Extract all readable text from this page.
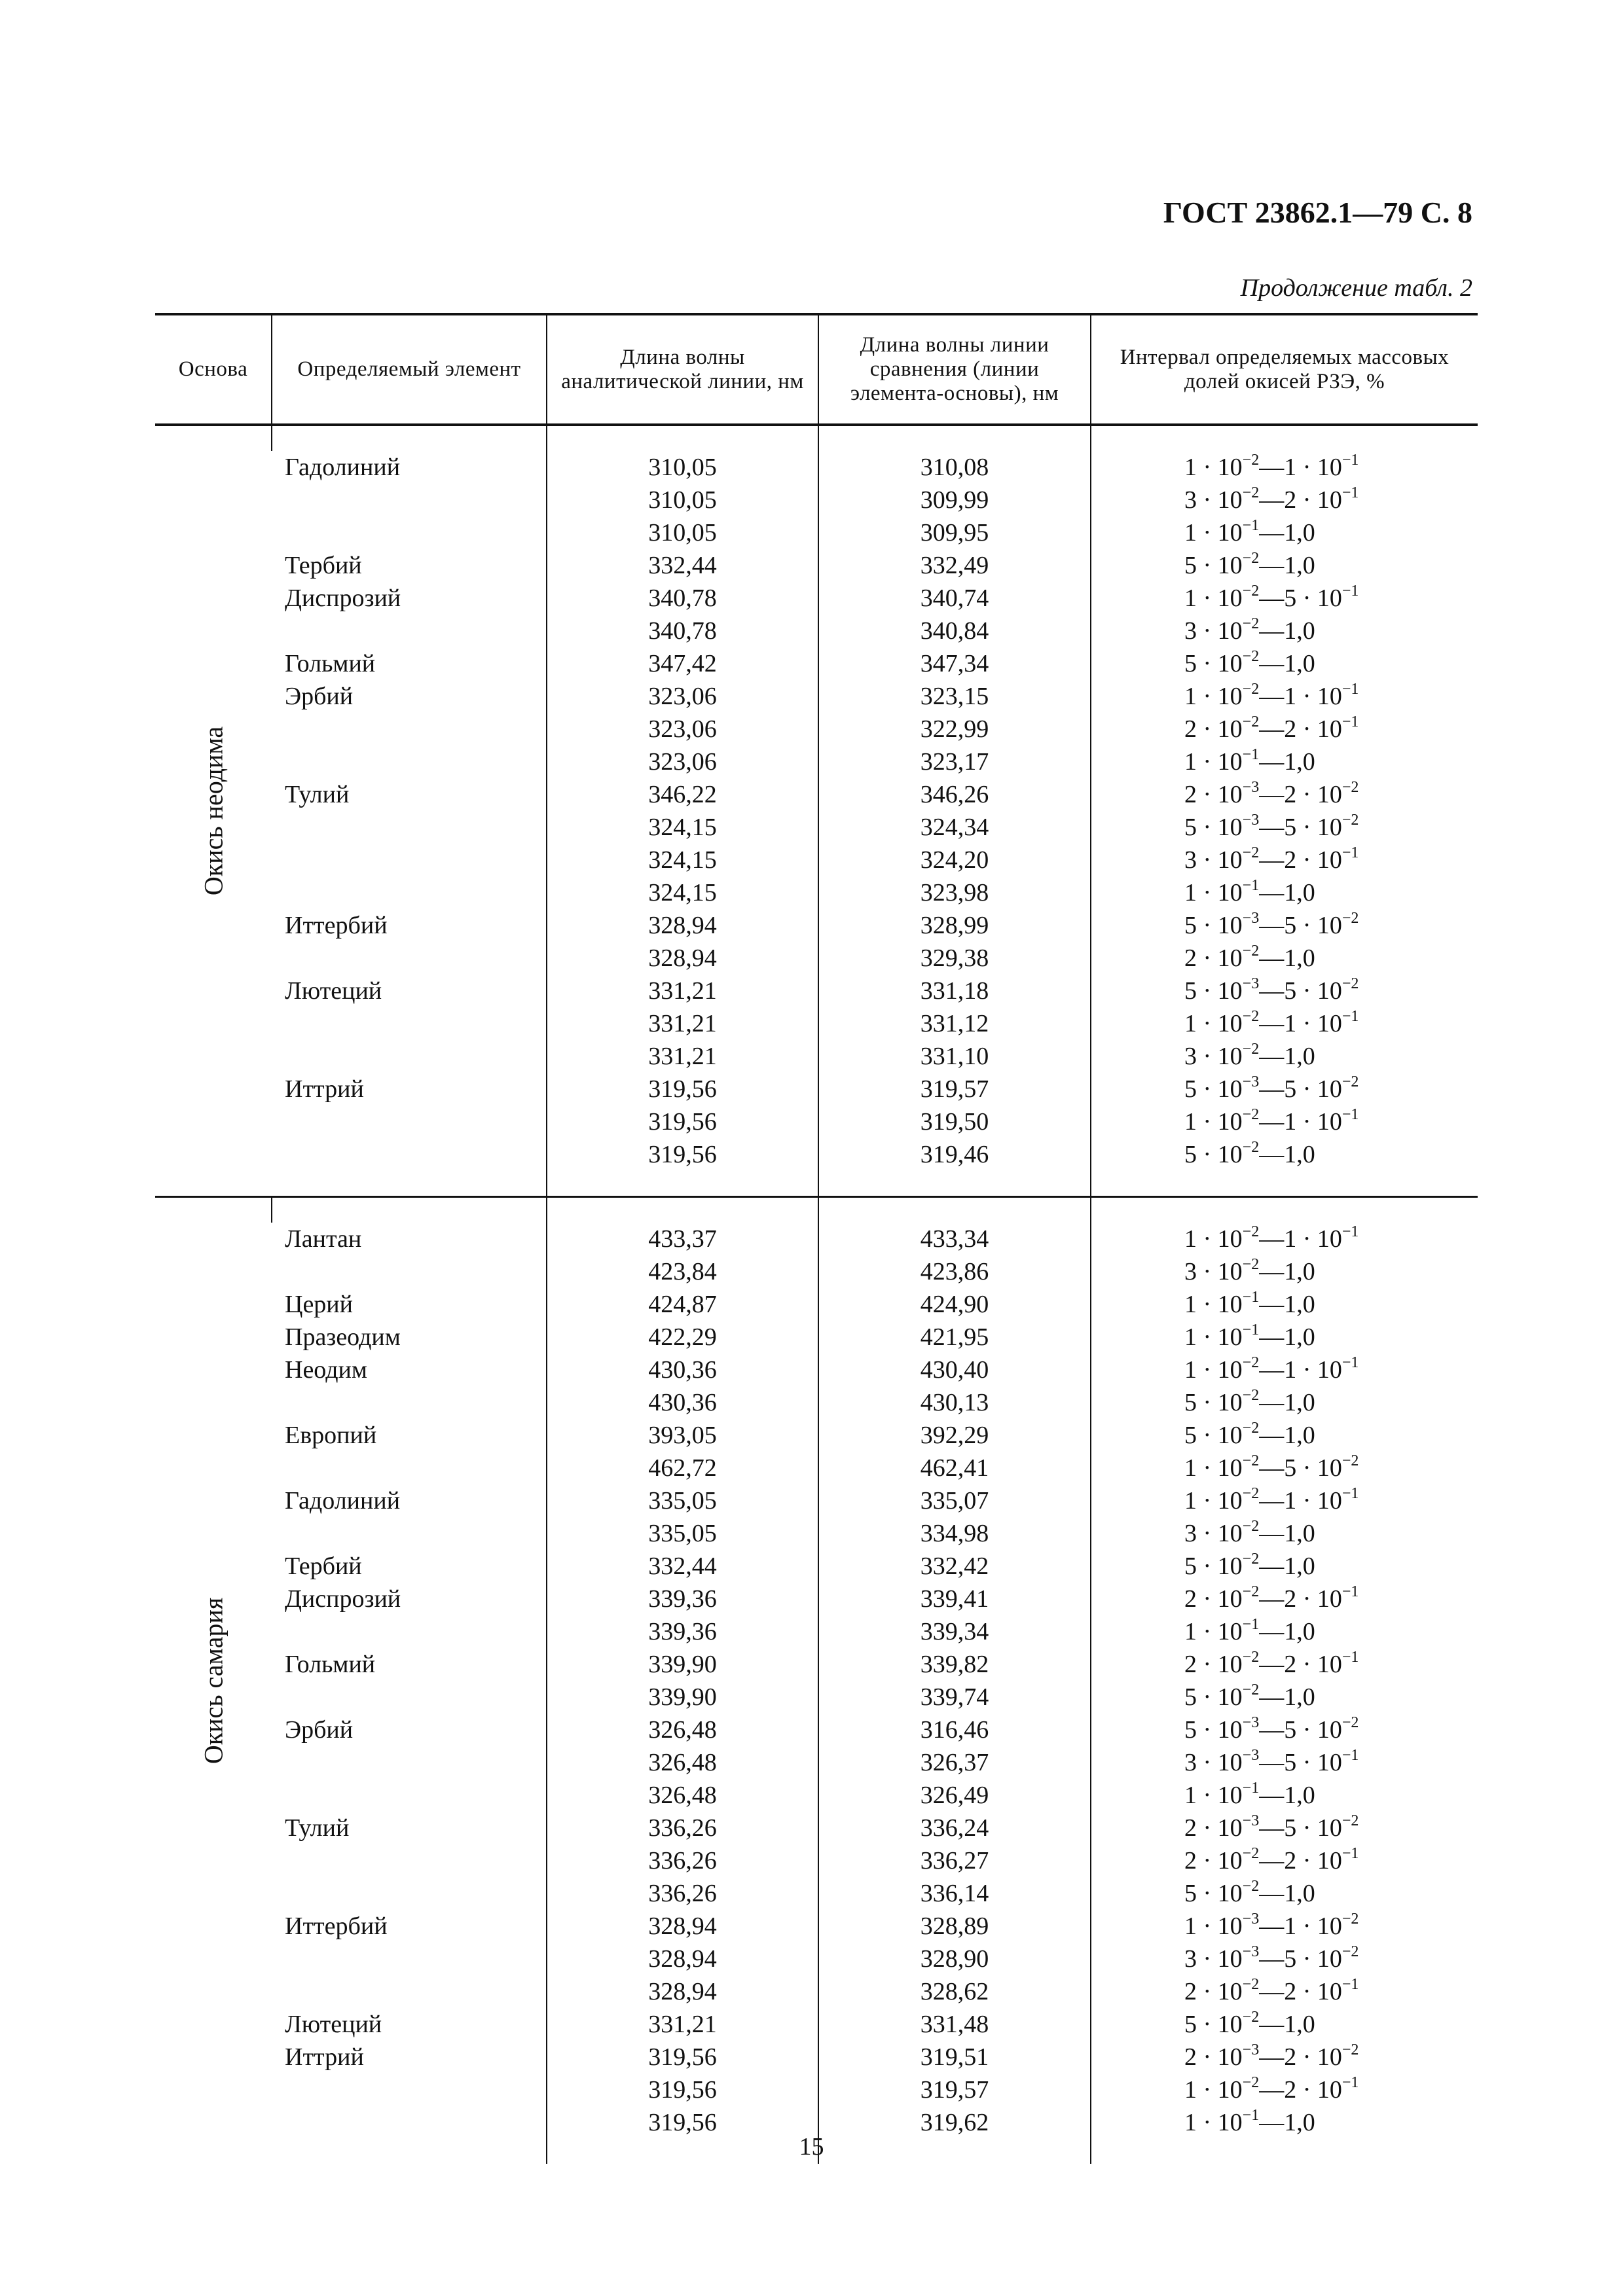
ГОСТ 23862.1—79 С. 8
Продолжение табл. 2
Основа	Определяемый элемент	Длина волны аналитической линии, нм	Длина волны линии сравнения (линии элемента-основы), нм	Интервал определяемых массовых долей окисей РЗЭ, %

Окись неодима				

	Гадолиний	310,05	310,08	$1 \cdot 10^{-2}—1 \cdot 10^{-1}$
		310,05	309,99	$3 \cdot 10^{-2}—2 \cdot 10^{-1}$
		310,05	309,95	$1 \cdot 10^{-1}—1,0$
	Тербий	332,44	332,49	$5 \cdot 10^{-2}—1,0$
	Диспрозий	340,78	340,74	$1 \cdot 10^{-2}—5 \cdot 10^{-1}$
		340,78	340,84	$3 \cdot 10^{-2}—1,0$
	Гольмий	347,42	347,34	$5 \cdot 10^{-2}—1,0$
	Эрбий	323,06	323,15	$1 \cdot 10^{-2}—1 \cdot 10^{-1}$
		323,06	322,99	$2 \cdot 10^{-2}—2 \cdot 10^{-1}$
		323,06	323,17	$1 \cdot 10^{-1}—1,0$
	Тулий	346,22	346,26	$2 \cdot 10^{-3}—2 \cdot 10^{-2}$
		324,15	324,34	$5 \cdot 10^{-3}—5 \cdot 10^{-2}$
		324,15	324,20	$3 \cdot 10^{-2}—2 \cdot 10^{-1}$
		324,15	323,98	$1 \cdot 10^{-1}—1,0$
	Иттербий	328,94	328,99	$5 \cdot 10^{-3}—5 \cdot 10^{-2}$
		328,94	329,38	$2 \cdot 10^{-2}—1,0$
	Лютеций	331,21	331,18	$5 \cdot 10^{-3}—5 \cdot 10^{-2}$
		331,21	331,12	$1 \cdot 10^{-2}—1 \cdot 10^{-1}$
		331,21	331,10	$3 \cdot 10^{-2}—1,0$
	Иттрий	319,56	319,57	$5 \cdot 10^{-3}—5 \cdot 10^{-2}$
		319,56	319,50	$1 \cdot 10^{-2}—1 \cdot 10^{-1}$
		319,56	319,46	$5 \cdot 10^{-2}—1,0$

Окись самария				

	Лантан	433,37	433,34	$1 \cdot 10^{-2}—1 \cdot 10^{-1}$
		423,84	423,86	$3 \cdot 10^{-2}—1,0$
	Церий	424,87	424,90	$1 \cdot 10^{-1}—1,0$
	Празеодим	422,29	421,95	$1 \cdot 10^{-1}—1,0$
	Неодим	430,36	430,40	$1 \cdot 10^{-2}—1 \cdot 10^{-1}$
		430,36	430,13	$5 \cdot 10^{-2}—1,0$
	Европий	393,05	392,29	$5 \cdot 10^{-2}—1,0$
		462,72	462,41	$1 \cdot 10^{-2}—5 \cdot 10^{-2}$
	Гадолиний	335,05	335,07	$1 \cdot 10^{-2}—1 \cdot 10^{-1}$
		335,05	334,98	$3 \cdot 10^{-2}—1,0$
	Тербий	332,44	332,42	$5 \cdot 10^{-2}—1,0$
	Диспрозий	339,36	339,41	$2 \cdot 10^{-2}—2 \cdot 10^{-1}$
		339,36	339,34	$1 \cdot 10^{-1}—1,0$
	Гольмий	339,90	339,82	$2 \cdot 10^{-2}—2 \cdot 10^{-1}$
		339,90	339,74	$5 \cdot 10^{-2}—1,0$
	Эрбий	326,48	316,46	$5 \cdot 10^{-3}—5 \cdot 10^{-2}$
		326,48	326,37	$3 \cdot 10^{-3}—5 \cdot 10^{-1}$
		326,48	326,49	$1 \cdot 10^{-1}—1,0$
	Тулий	336,26	336,24	$2 \cdot 10^{-3}—5 \cdot 10^{-2}$
		336,26	336,27	$2 \cdot 10^{-2}—2 \cdot 10^{-1}$
		336,26	336,14	$5 \cdot 10^{-2}—1,0$
	Иттербий	328,94	328,89	$1 \cdot 10^{-3}—1 \cdot 10^{-2}$
		328,94	328,90	$3 \cdot 10^{-3}—5 \cdot 10^{-2}$
		328,94	328,62	$2 \cdot 10^{-2}—2 \cdot 10^{-1}$
	Лютеций	331,21	331,48	$5 \cdot 10^{-2}—1,0$
	Иттрий	319,56	319,51	$2 \cdot 10^{-3}—2 \cdot 10^{-2}$
		319,56	319,57	$1 \cdot 10^{-2}—2 \cdot 10^{-1}$
		319,56	319,62	$1 \cdot 10^{-1}—1,0$

15
